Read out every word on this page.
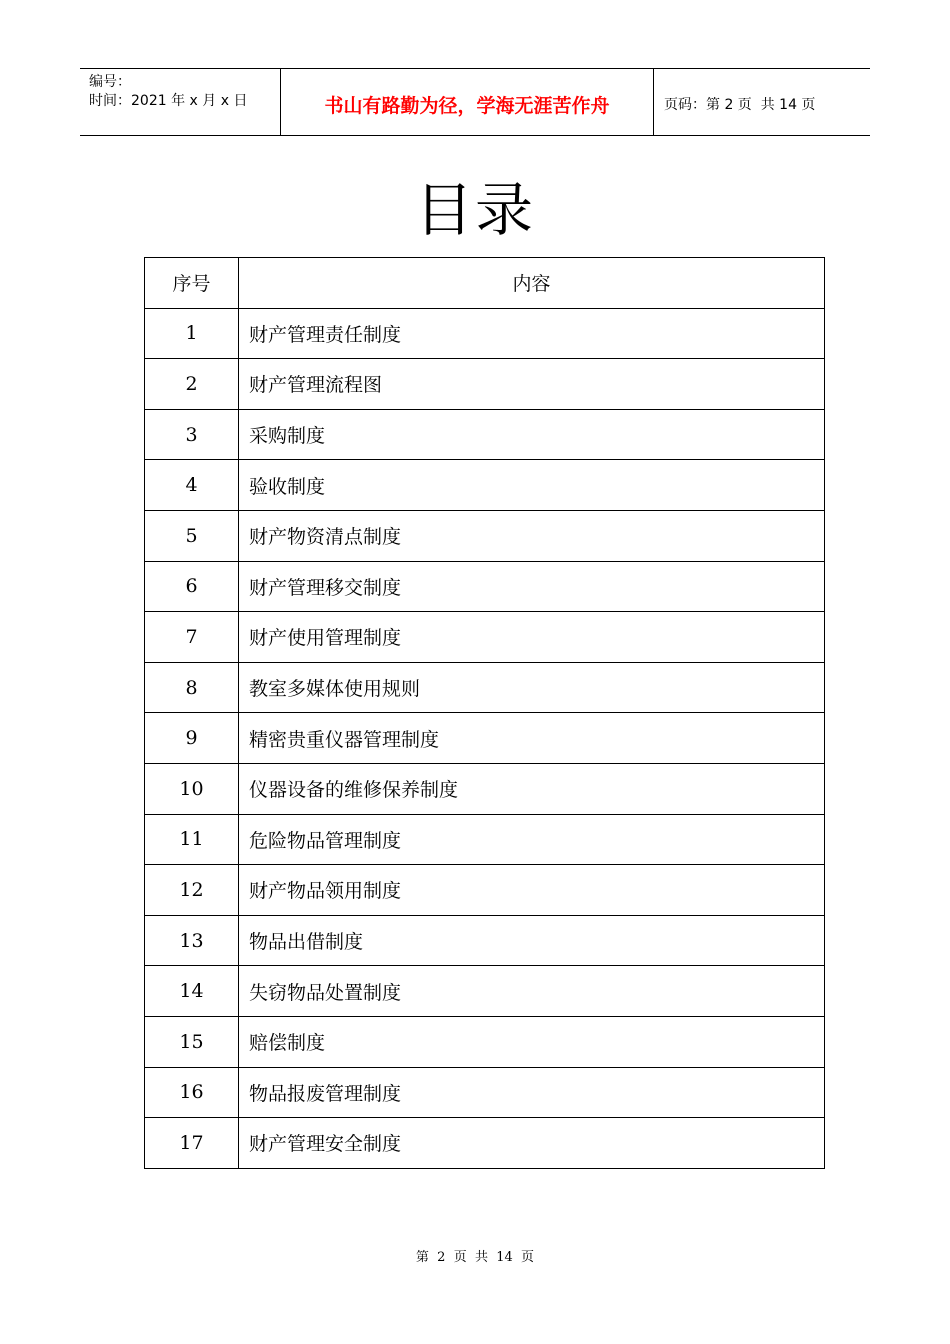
编号：
时间：2021 年 x 月 x 日	书山有路勤为径，学海无涯苦作舟	页码：第 2 页  共 14 页
目录
序号	内容
1	财产管理责任制度
2	财产管理流程图
3	采购制度
4	验收制度
5	财产物资清点制度
6	财产管理移交制度
7	财产使用管理制度
8	教室多媒体使用规则
9	精密贵重仪器管理制度
10	仪器设备的维修保养制度
11	危险物品管理制度
12	财产物品领用制度
13	物品出借制度
14	失窃物品处置制度
15	赔偿制度
16	物品报废管理制度
17	财产管理安全制度
第  2  页  共  14  页
